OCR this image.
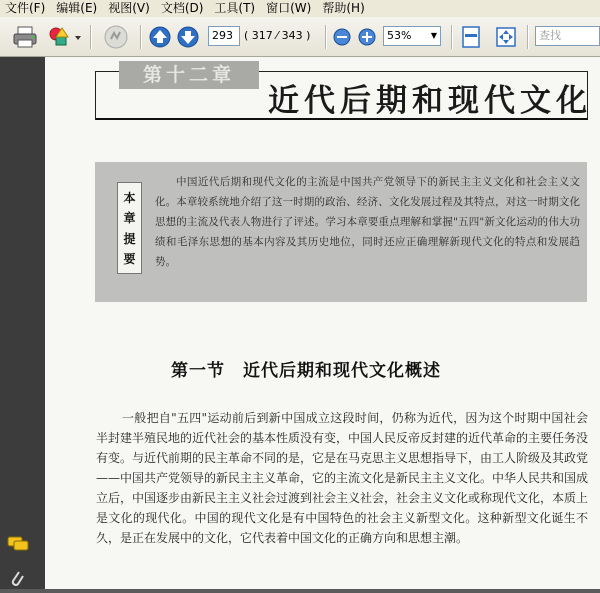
文件(F) 编辑(E) 视图(V) 文档(D) 工具(T) 窗口(W) 帮助(H)
293	( 317 ⁄ 343 )	53% ▼	查找
第十二章
近代后期和现代文化
本
章
提
要
中国近代后期和现代文化的主流是中国共产党领导下的新民主主义文化和社会主义文化。本章较系统地介绍了这一时期的政治、经济、文化发展过程及其特点，对这一时期文化思想的主流及代表人物进行了评述。学习本章要重点理解和掌握"五四"新文化运动的伟大功绩和毛泽东思想的基本内容及其历史地位，同时还应正确理解新现代文化的特点和发展趋势。
第一节　近代后期和现代文化概述
一般把自"五四"运动前后到新中国成立这段时间，仍称为近代，因为这个时期中国社会半封建半殖民地的近代社会的基本性质没有变，中国人民反帝反封建的近代革命的主要任务没有变。与近代前期的民主革命不同的是，它是在马克思主义思想指导下，由工人阶级及其政党——中国共产党领导的新民主主义革命，它的主流文化是新民主主义文化。中华人民共和国成立后，中国逐步由新民主主义社会过渡到社会主义社会，社会主义文化或称现代文化，本质上是文化的现代化。中国的现代文化是有中国特色的社会主义新型文化。这种新型文化诞生不久，是正在发展中的文化，它代表着中国文化的正确方向和思想主潮。
